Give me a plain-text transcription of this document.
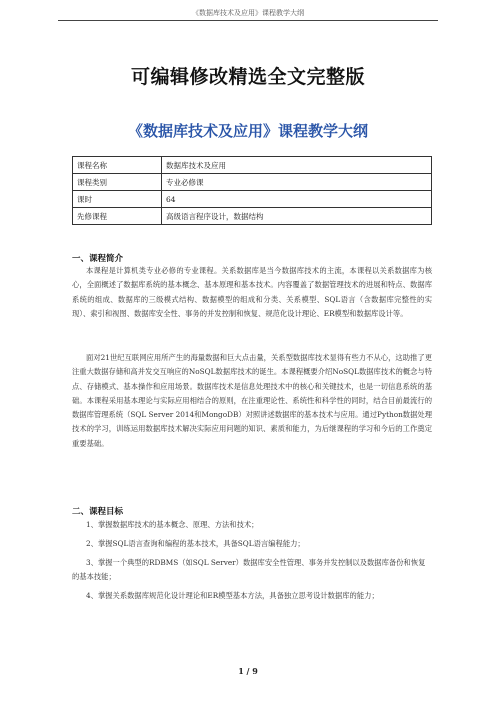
《数据库技术及应用》课程教学大纲
可编辑修改精选全文完整版
《数据库技术及应用》课程教学大纲
课程名称	数据库技术及应用
课程类别	专业必修课
课时	64
先修课程	高级语言程序设计，数据结构
一、课程简介
本课程是计算机类专业必修的专业课程。关系数据库是当今数据库技术的主流，本课程以关系数据库为核心，全面概述了数据库系统的基本概念、基本原理和基本技术。内容覆盖了数据管理技术的进展和特点、数据库系统的组成、数据库的三级模式结构、数据模型的组成和分类、关系模型、SQL语言（含数据库完整性的实现）、索引和视图、数据库安全性、事务的并发控制和恢复、规范化设计理论、ER模型和数据库设计等。
面对21世纪互联网应用所产生的海量数据和巨大点击量，关系型数据库技术显得有些力不从心，这助推了更注重大数据存储和高并发交互响应的NoSQL数据库技术的诞生。本课程概要介绍NoSQL数据库技术的概念与特点、存储模式、基本操作和应用场景。数据库技术是信息处理技术中的核心和关键技术，也是一切信息系统的基础。本课程采用基本理论与实际应用相结合的原则，在注重理论性、系统性和科学性的同时，结合目前最流行的数据库管理系统（SQL Server 2014和MongoDB）对照讲述数据库的基本技术与应用。通过Python数据处理技术的学习，训练运用数据库技术解决实际应用问题的知识、素质和能力，为后继课程的学习和今后的工作奠定重要基础。
二、课程目标
1、掌握数据库技术的基本概念、原理、方法和技术；
2、掌握SQL语言查询和编程的基本技术，具备SQL语言编程能力；
3、掌握一个典型的RDBMS（如SQL Server）数据库安全性管理、事务并发控制以及数据库备份和恢复的基本技能；
4、掌握关系数据库规范化设计理论和ER模型基本方法，具备独立思考设计数据库的能力；
1 / 9
